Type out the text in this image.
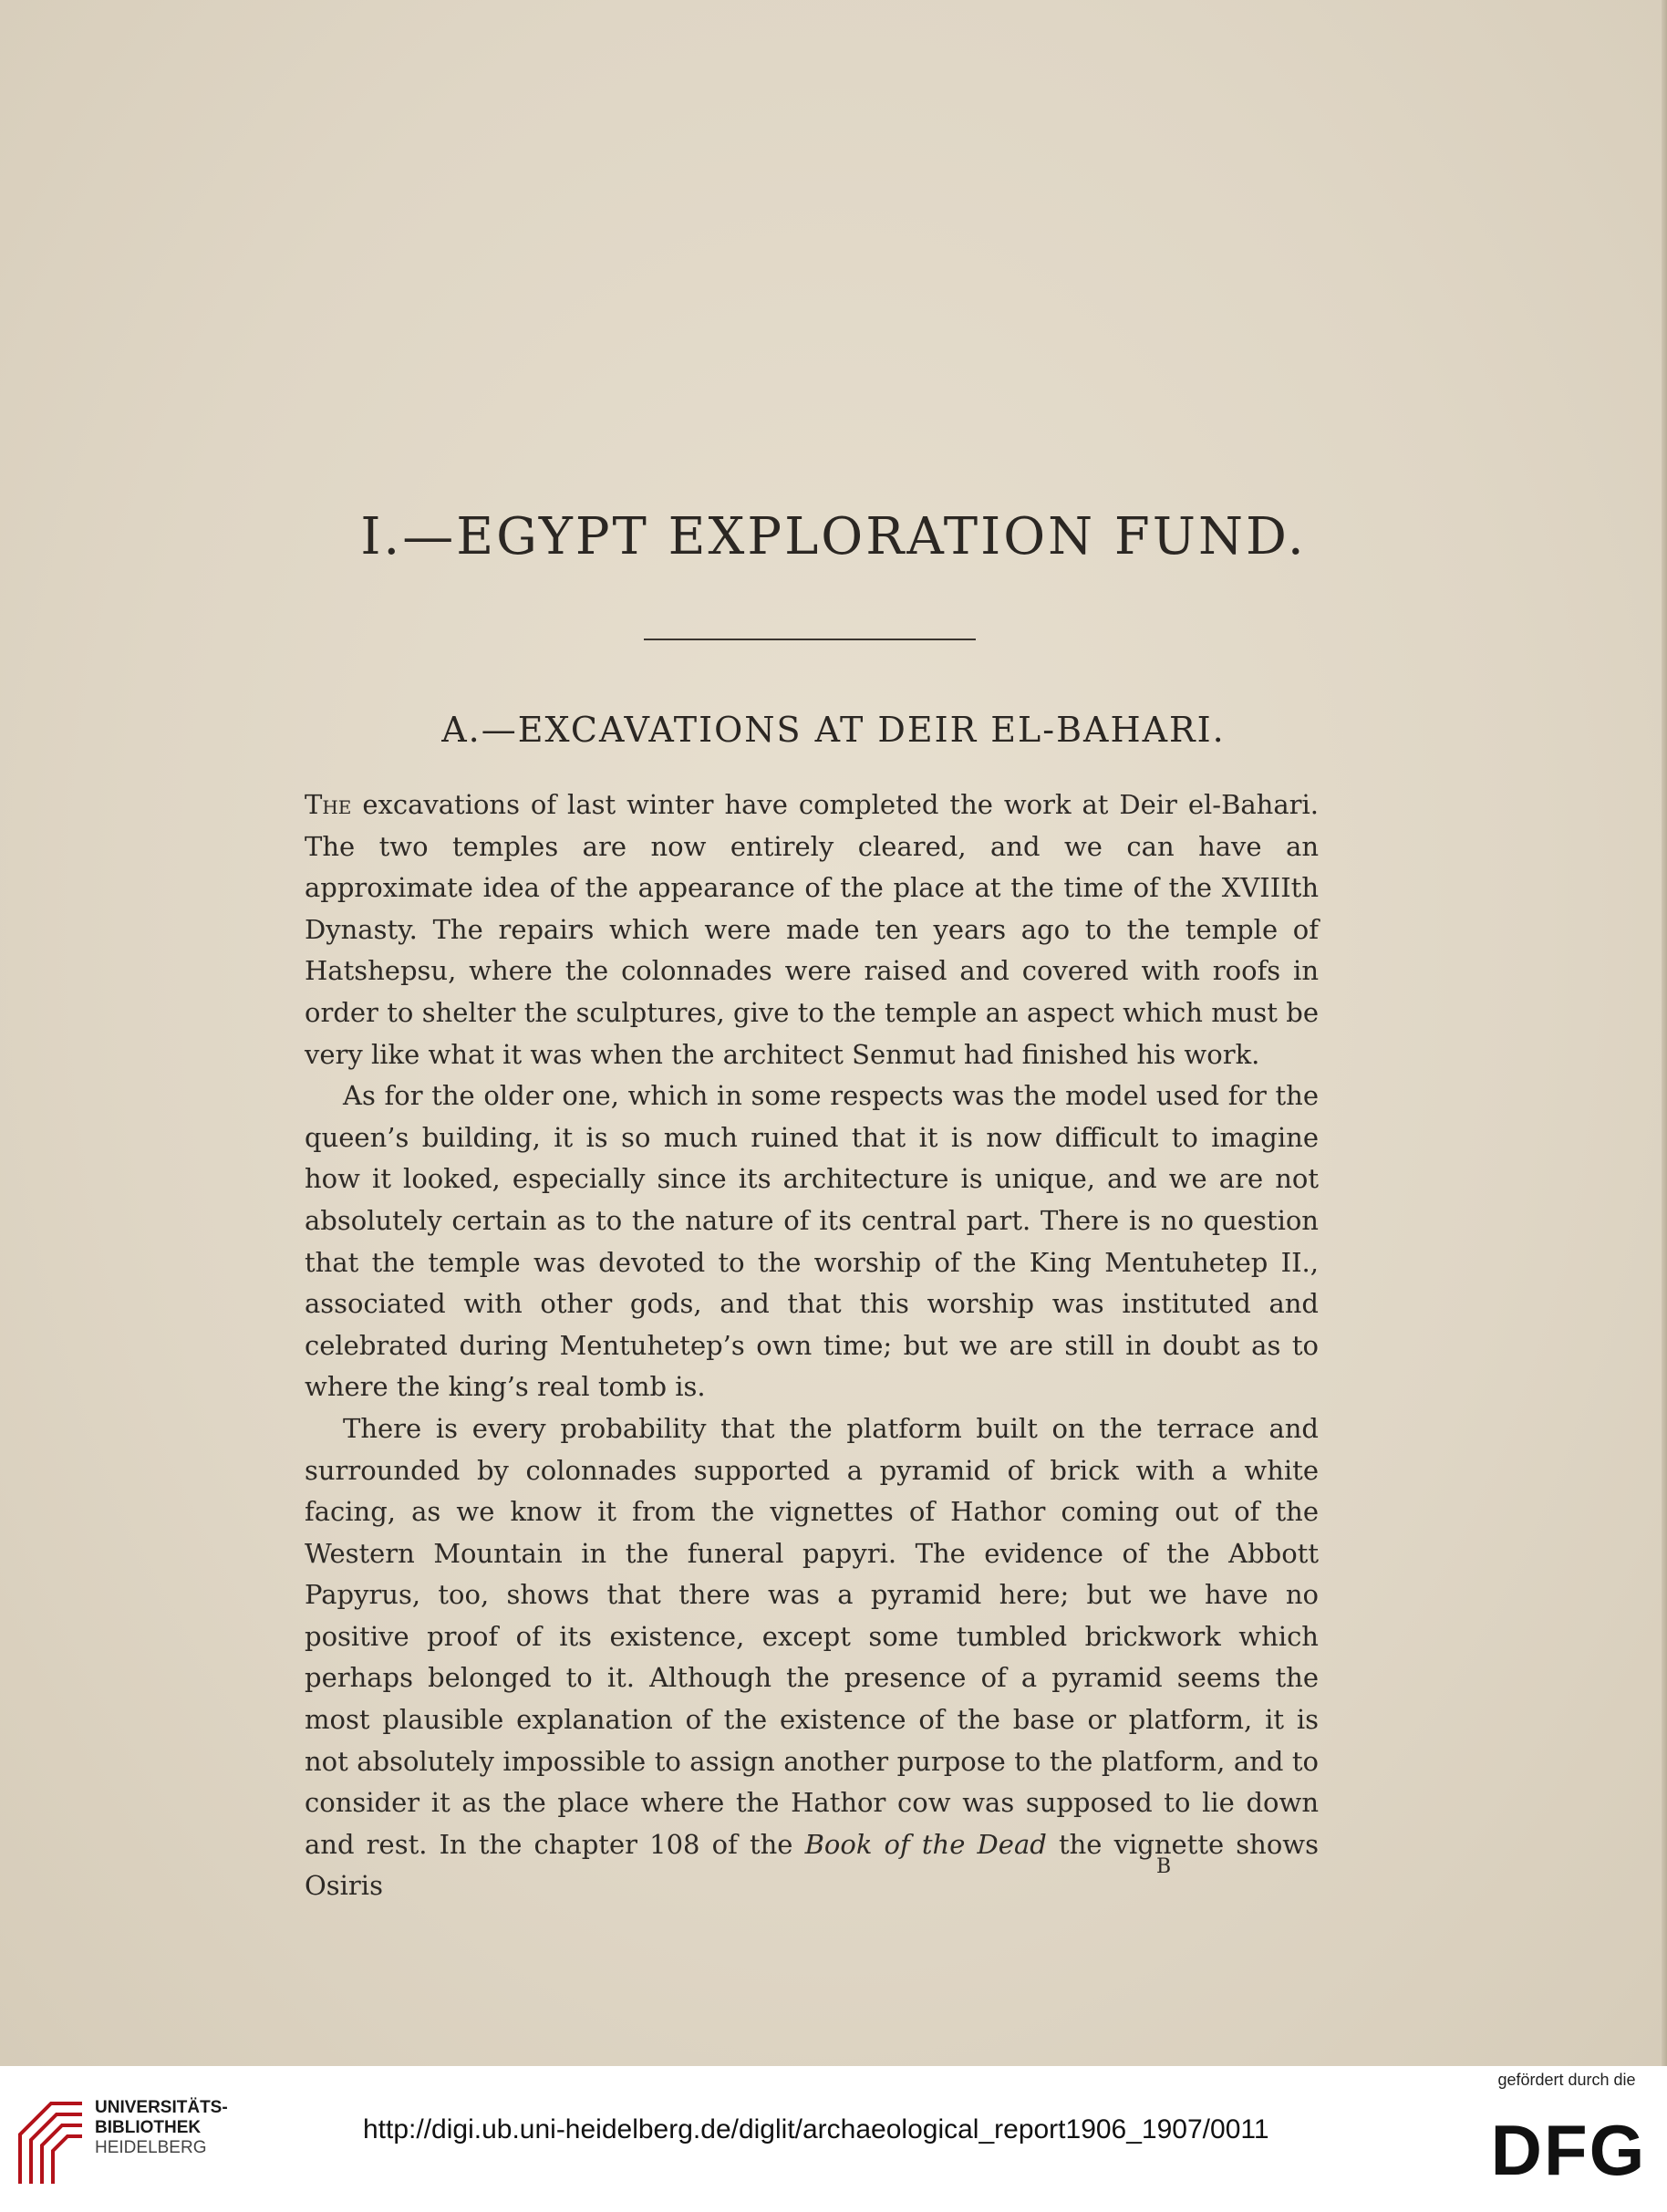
I.—EGYPT EXPLORATION FUND.
A.—EXCAVATIONS AT DEIR EL-BAHARI.

The excavations of last winter have completed the work at Deir el-Bahari. The two temples are now entirely cleared, and we can have an approximate idea of the appearance of the place at the time of the XVIIIth Dynasty. The repairs which were made ten years ago to the temple of Hatshepsu, where the colonnades were raised and covered with roofs in order to shelter the sculptures, give to the temple an aspect which must be very like what it was when the architect Senmut had finished his work.

As for the older one, which in some respects was the model used for the queen’s building, it is so much ruined that it is now difficult to imagine how it looked, especially since its architecture is unique, and we are not absolutely certain as to the nature of its central part. There is no question that the temple was devoted to the worship of the King Mentuhetep II., associated with other gods, and that this worship was instituted and celebrated during Mentuhetep’s own time; but we are still in doubt as to where the king’s real tomb is.

There is every probability that the platform built on the terrace and surrounded by colonnades supported a pyramid of brick with a white facing, as we know it from the vignettes of Hathor coming out of the Western Mountain in the funeral papyri. The evidence of the Abbott Papyrus, too, shows that there was a pyramid here; but we have no positive proof of its existence, except some tumbled brickwork which perhaps belonged to it. Although the presence of a pyramid seems the most plausible explanation of the existence of the base or platform, it is not absolutely impossible to assign another purpose to the platform, and to consider it as the place where the Hathor cow was supposed to lie down and rest. In the chapter 108 of the Book of the Dead the vignette shows Osiris

B
UNIVERSITÄTS-
BIBLIOTHEK
HEIDELBERG
http://digi.ub.uni-heidelberg.de/diglit/archaeological_report1906_1907/0011
gefördert durch die
DFG
